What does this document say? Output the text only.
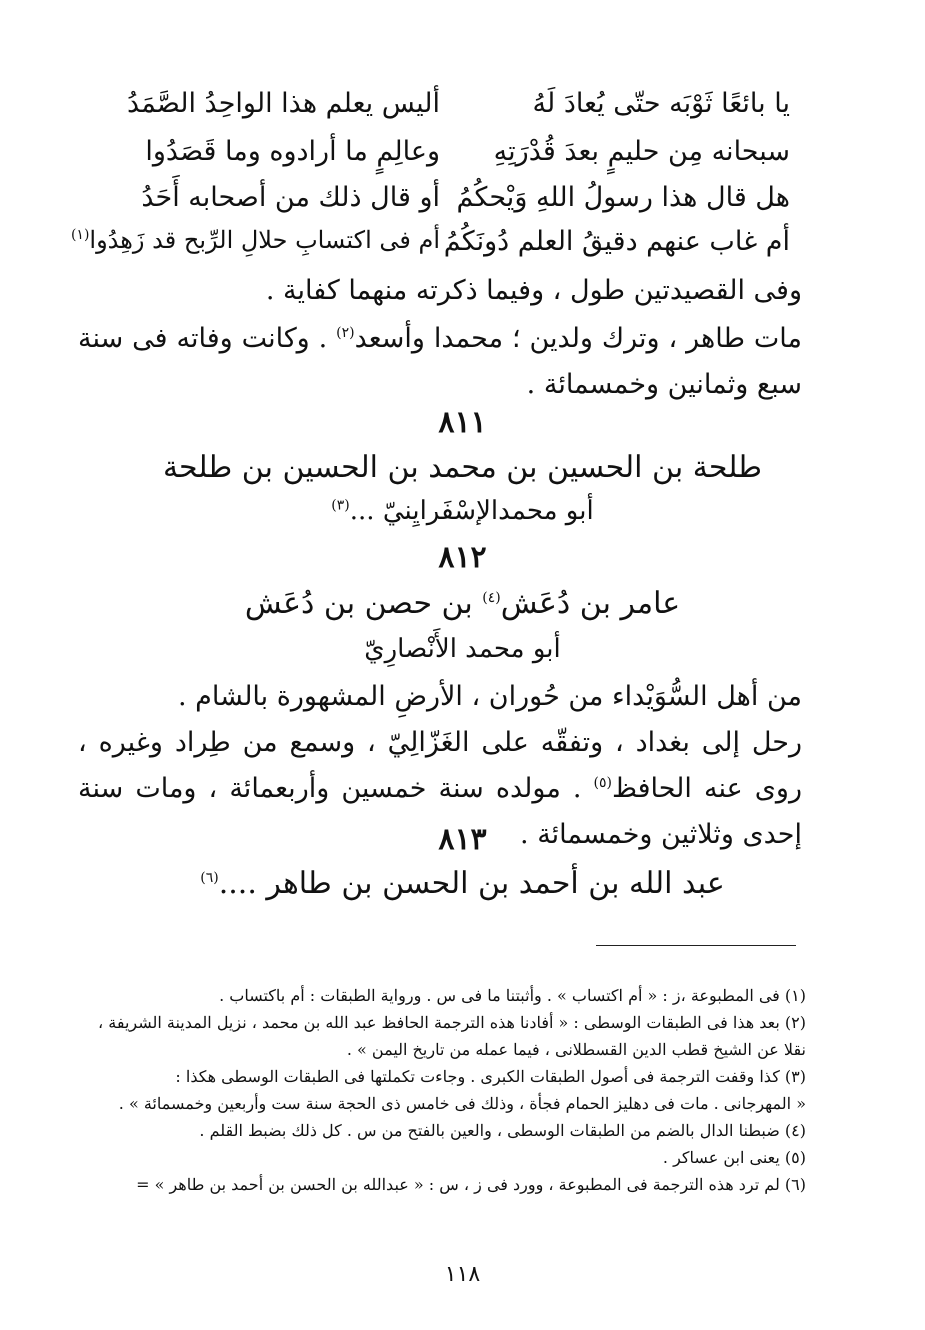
يا بائعًا ثَوْبَه حتّى يُعادَ لَهُ
أليس يعلم هذا الواحِدُ الصَّمَدُ
سبحانه مِن حليمٍ بعدَ قُدْرَتِهِ
وعالِمٍ ما أرادوه وما قَصَدُوا
هل قال هذا رسولُ اللهِ وَيْحكُمُ
أو قال ذلك من أصحابه أَحَدُ
أم غاب عنهم دقيقُ العلم دُونَكُمُ
أم فى اكتسابِ حلالِ الرِّبح قد زَهِدُوا$^{(١)}$
وفى القصيدتين طول ، وفيما ذكرته منهما كفاية .
مات طاهر ، وترك ولدين ؛ محمدا وأسعد$^{(٢)}$ . وكانت وفاته فى سنة سبع وثمانين وخمسمائة .
٨١١
طلحة بن الحسين بن محمد بن الحسين بن طلحة
أبو محمدالإسْفَرايِنيّ ...$^{(٣)}$
٨١٢
عامر بن دُعَش$^{(٤)}$ بن حصن بن دُعَش
أبو محمد الأَنْصارِيّ
من أهل السُّوَيْداء من حُوران ، الأرضِ المشهورة بالشام .
رحل إلى بغداد ، وتفقّه على الغَزّالِيّ ، وسمع من طِراد وغيره ، روى عنه الحافظ$^{(٥)}$ . مولده سنة خمسين وأربعمائة ، ومات سنة إحدى وثلاثين وخمسمائة .
٨١٣
عبد الله بن أحمد بن الحسن بن طاهر ....$^{(٦)}$
(١) فى المطبوعة ،ز : « أم اكتساب » . وأثبتنا ما فى س . ورواية الطبقات : أم باكتساب .
(٢) بعد هذا فى الطبقات الوسطى : « أفادنا هذه الترجمة الحافظ عبد الله بن محمد ، نزيل المدينة الشريفة ،
نقلا عن الشيخ قطب الدين القسطلانى ، فيما عمله من تاريخ اليمن » .
(٣) كذا وقفت الترجمة فى أصول الطبقات الكبرى . وجاءت تكملتها فى الطبقات الوسطى هكذا :
« المهرجانى . مات فى دهليز الحمام فجأة ، وذلك فى خامس ذى الحجة سنة ست وأربعين وخمسمائة » .
(٤) ضبطنا الدال بالضم من الطبقات الوسطى ، والعين بالفتح من س . كل ذلك بضبط القلم .
(٥) يعنى ابن عساكر .
(٦) لم ترد هذه الترجمة فى المطبوعة ، وورد فى ز ، س : « عبدالله بن الحسن بن أحمد بن طاهر » =
١١٨
